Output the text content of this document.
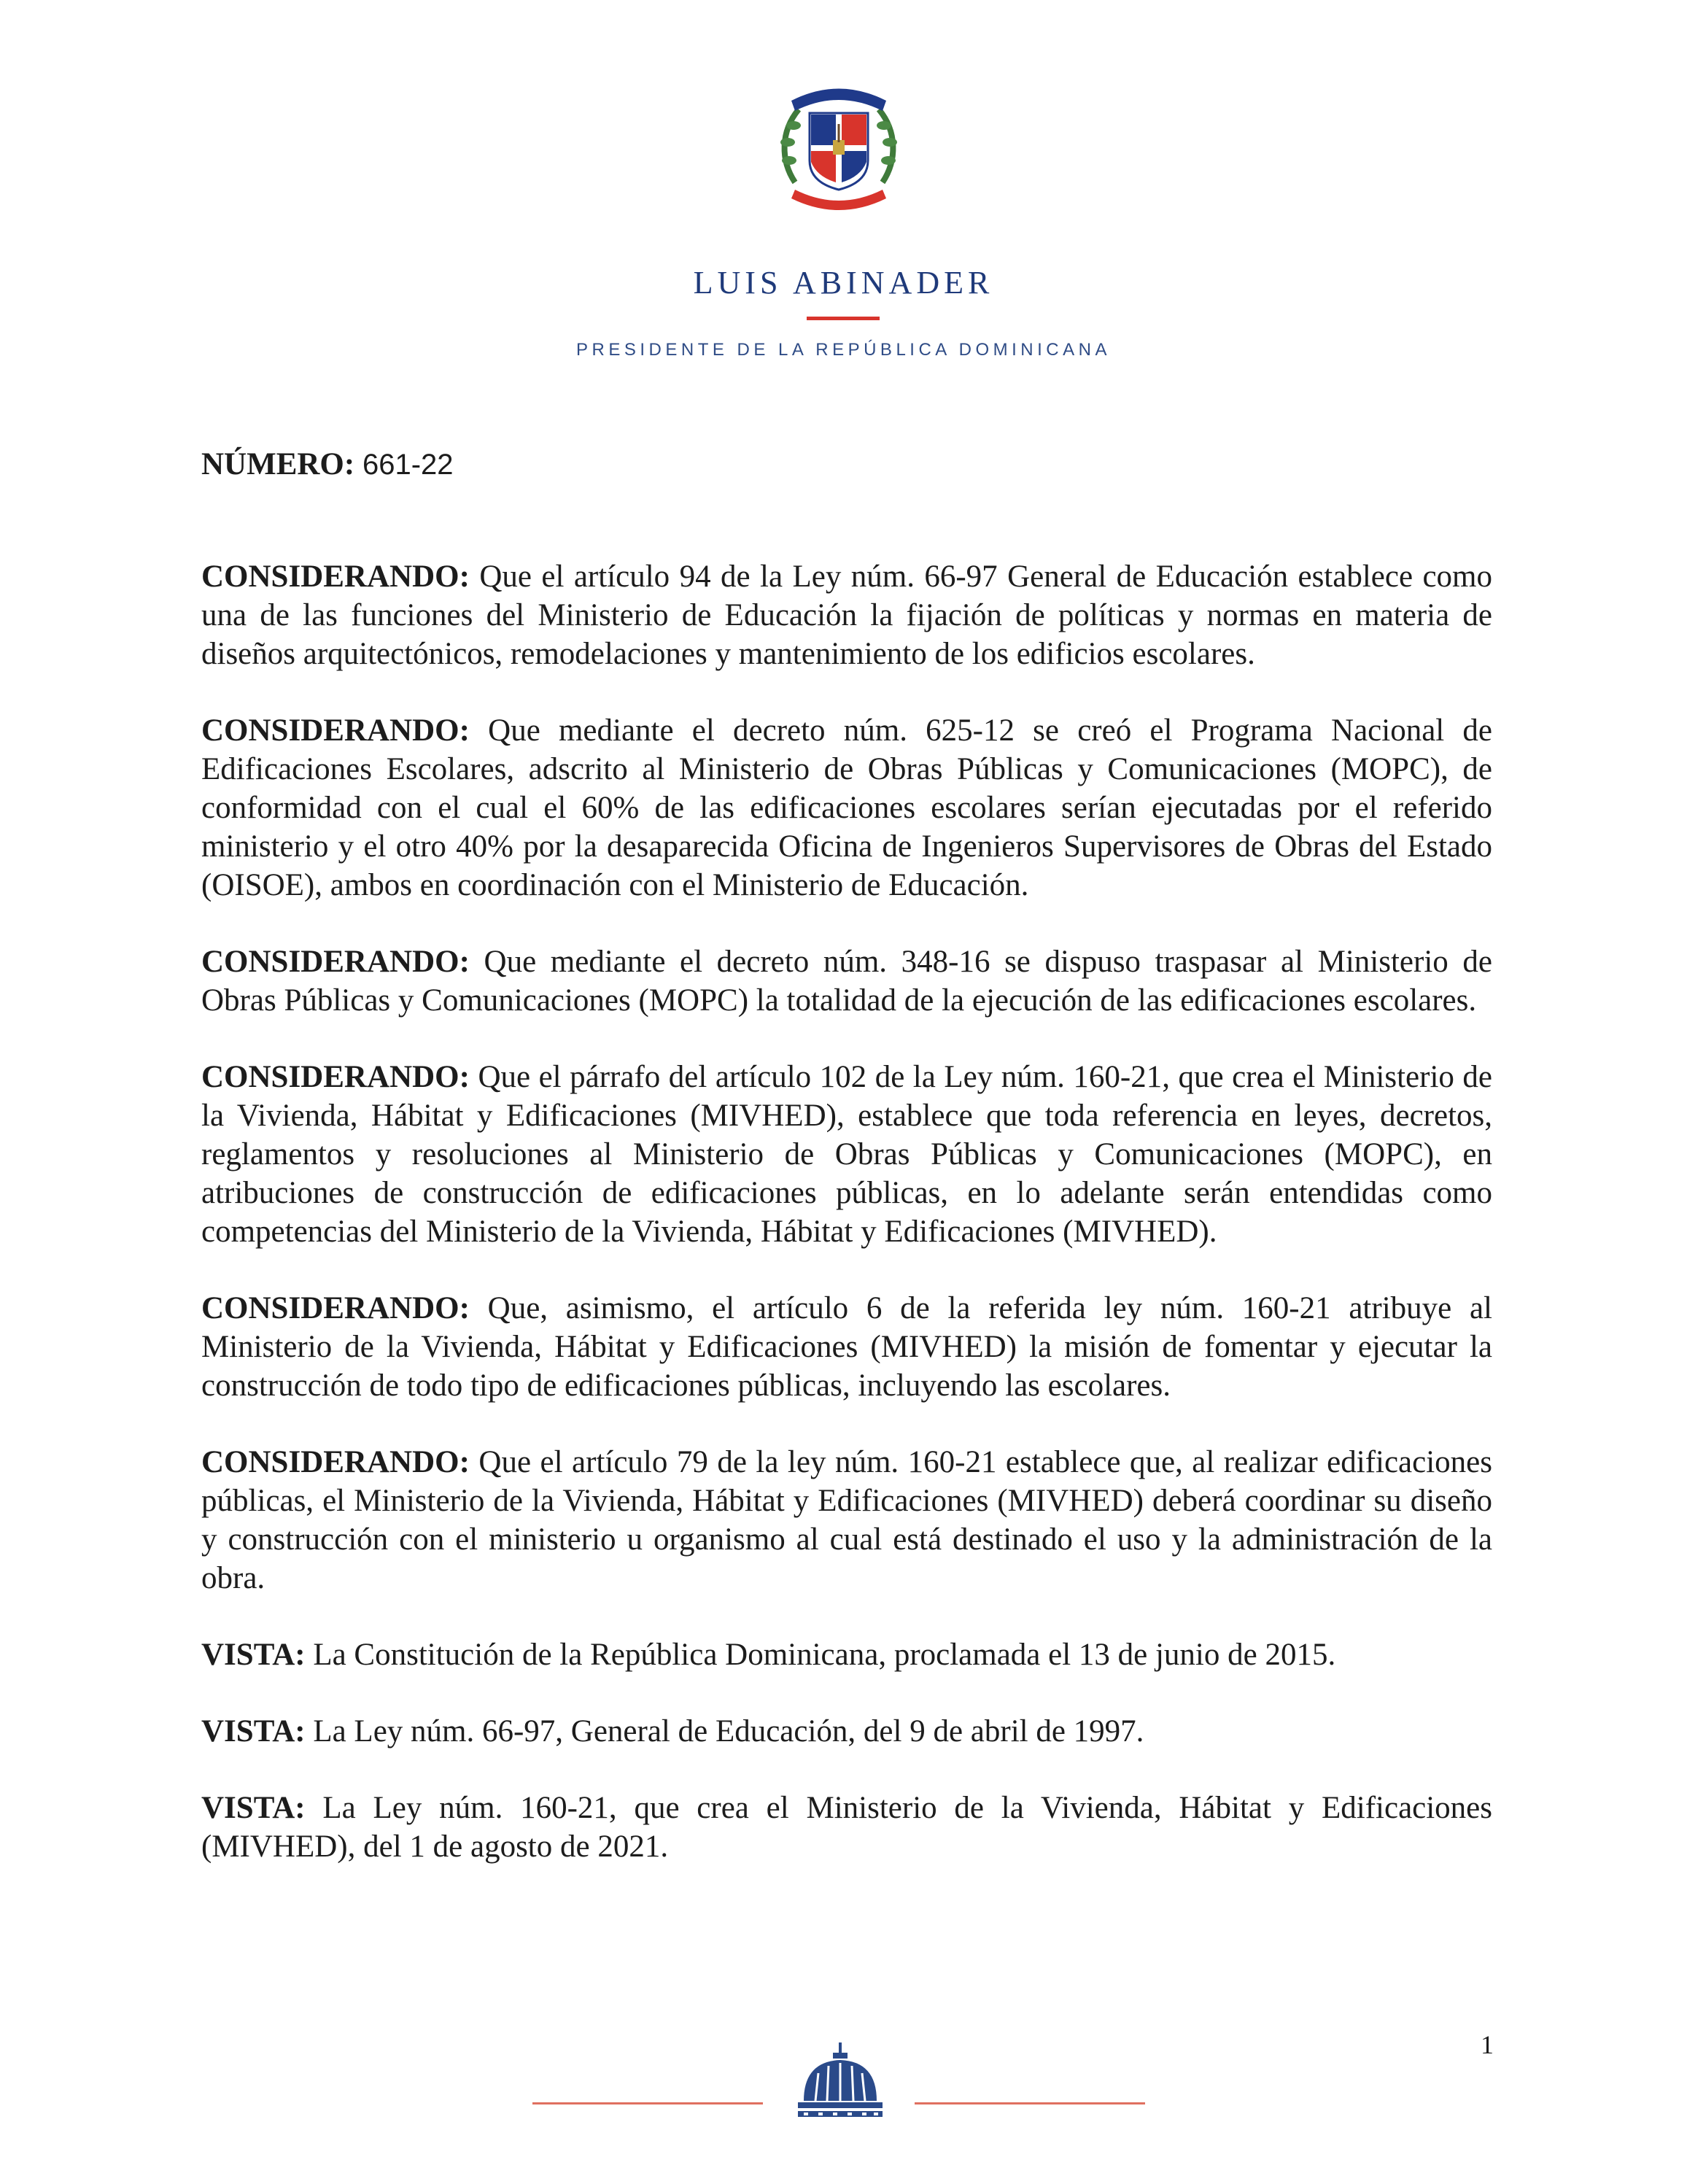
LUIS ABINADER
PRESIDENTE DE LA REPÚBLICA DOMINICANA
NÚMERO: 661-22

CONSIDERANDO: Que el artículo 94 de la Ley núm. 66-97 General de Educación establece como una de las funciones del Ministerio de Educación la fijación de políticas y normas en materia de diseños arquitectónicos, remodelaciones y mantenimiento de los edificios escolares.

CONSIDERANDO: Que mediante el decreto núm. 625-12 se creó el Programa Nacional de Edificaciones Escolares, adscrito al Ministerio de Obras Públicas y Comunicaciones (MOPC), de conformidad con el cual el 60% de las edificaciones escolares serían ejecutadas por el referido ministerio y el otro 40% por la desaparecida Oficina de Ingenieros Supervisores de Obras del Estado (OISOE), ambos en coordinación con el Ministerio de Educación.

CONSIDERANDO: Que mediante el decreto núm. 348-16 se dispuso traspasar al Ministerio de Obras Públicas y Comunicaciones (MOPC) la totalidad de la ejecución de las edificaciones escolares.

CONSIDERANDO: Que el párrafo del artículo 102 de la Ley núm. 160-21, que crea el Ministerio de la Vivienda, Hábitat y Edificaciones (MIVHED), establece que toda referencia en leyes, decretos, reglamentos y resoluciones al Ministerio de Obras Públicas y Comunicaciones (MOPC), en atribuciones de construcción de edificaciones públicas, en lo adelante serán entendidas como competencias del Ministerio de la Vivienda, Hábitat y Edificaciones (MIVHED).

CONSIDERANDO: Que, asimismo, el artículo 6 de la referida ley núm. 160-21 atribuye al Ministerio de la Vivienda, Hábitat y Edificaciones (MIVHED) la misión de fomentar y ejecutar la construcción de todo tipo de edificaciones públicas, incluyendo las escolares.

CONSIDERANDO: Que el artículo 79 de la ley núm. 160-21 establece que, al realizar edificaciones públicas, el Ministerio de la Vivienda, Hábitat y Edificaciones (MIVHED) deberá coordinar su diseño y construcción con el ministerio u organismo al cual está destinado el uso y la administración de la obra.

VISTA: La Constitución de la República Dominicana, proclamada el 13 de junio de 2015.

VISTA: La Ley núm. 66-97, General de Educación, del 9 de abril de 1997.

VISTA: La Ley núm. 160-21, que crea el Ministerio de la Vivienda, Hábitat y Edificaciones (MIVHED), del 1 de agosto de 2021.

1
